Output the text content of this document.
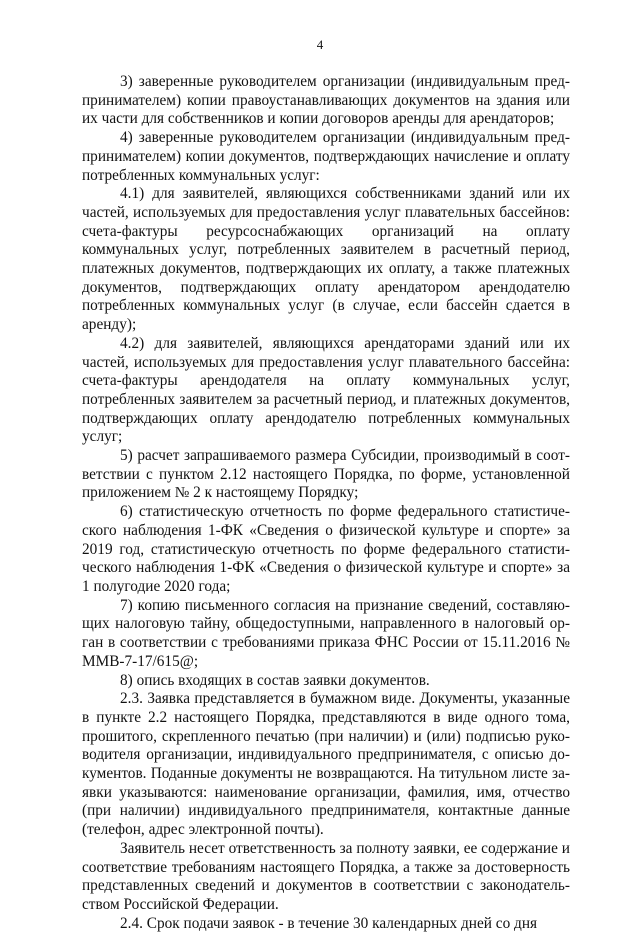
4

3) заверенные руководителем организации (индивидуальным предпринимателем) копии правоустанавливающих документов на здания или их части для собственников и копии договоров аренды для арендаторов;

4) заверенные руководителем организации (индивидуальным предпринимателем) копии документов, подтверждающих начисление и оплату потребленных коммунальных услуг:

4.1) для заявителей, являющихся собственниками зданий или их частей, используемых для предоставления услуг плавательных бассейнов: счета-фактуры ресурсоснабжающих организаций на оплату коммунальных услуг, потребленных заявителем в расчетный период, платежных документов, подтверждающих их оплату, а также платежных документов, подтверждающих оплату арендатором арендодателю потребленных коммунальных услуг (в случае, если бассейн сдается в аренду);

4.2) для заявителей, являющихся арендаторами зданий или их частей, используемых для предоставления услуг плавательного бассейна: счета-фактуры арендодателя на оплату коммунальных услуг, потребленных заявителем за расчетный период, и платежных документов, подтверждающих оплату арендодателю потребленных коммунальных услуг;

5) расчет запрашиваемого размера Субсидии, производимый в соответствии с пунктом 2.12 настоящего Порядка, по форме, установленной приложением № 2 к настоящему Порядку;

6) статистическую отчетность по форме федерального статистического наблюдения 1-ФК «Сведения о физической культуре и спорте» за 2019 год, статистическую отчетность по форме федерального статистического наблюдения 1-ФК «Сведения о физической культуре и спорте» за 1 полугодие 2020 года;

7) копию письменного согласия на признание сведений, составляющих налоговую тайну, общедоступными, направленного в налоговый орган в соответствии с требованиями приказа ФНС России от 15.11.2016 № ММВ-7-17/615@;

8) опись входящих в состав заявки документов.

2.3. Заявка представляется в бумажном виде. Документы, указанные в пункте 2.2 настоящего Порядка, представляются в виде одного тома, прошитого, скрепленного печатью (при наличии) и (или) подписью руководителя организации, индивидуального предпринимателя, с описью документов. Поданные документы не возвращаются. На титульном листе заявки указываются: наименование организации, фамилия, имя, отчество (при наличии) индивидуального предпринимателя, контактные данные (телефон, адрес электронной почты).

Заявитель несет ответственность за полноту заявки, ее содержание и соответствие требованиям настоящего Порядка, а также за достоверность представленных сведений и документов в соответствии с законодательством Российской Федерации.

2.4. Срок подачи заявок - в течение 30 календарных дней со дня
